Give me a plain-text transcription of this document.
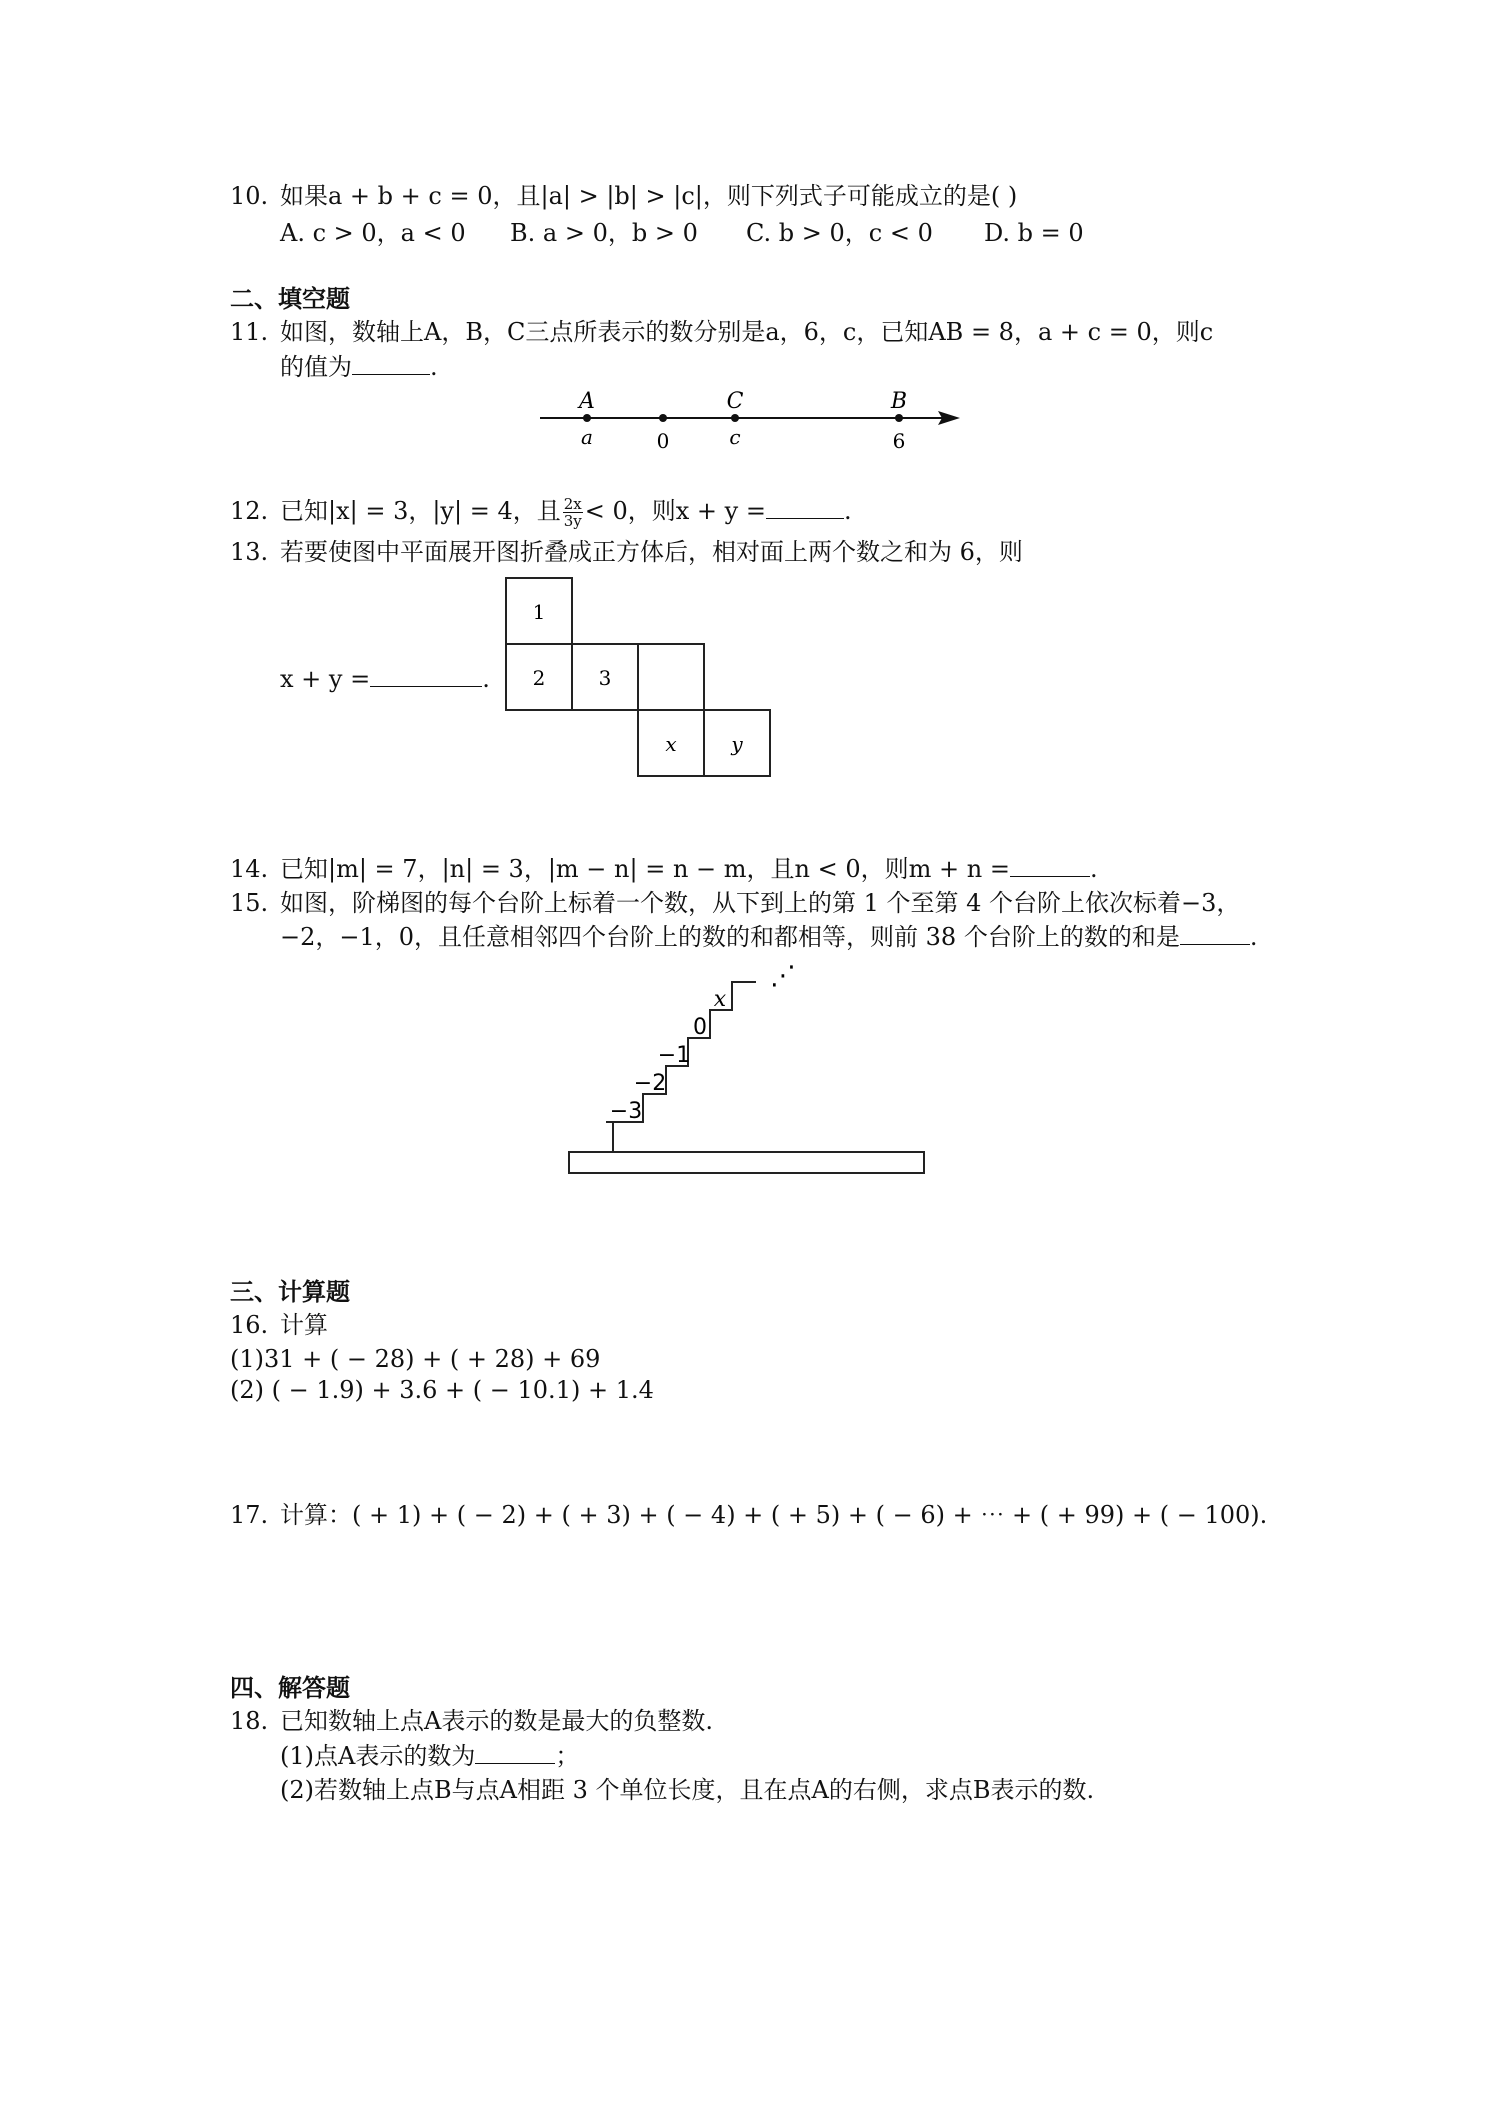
10. 如果a + b + c = 0，且|a| > |b| > |c|，则下列式子可能成立的是( )
A. c > 0，a < 0 B. a > 0，b > 0 C. b > 0，c < 0 D. b = 0
二、填空题
11. 如图，数轴上A，B，C三点所表示的数分别是a，6，c，已知AB = 8，a + c = 0，则c
的值为	.
A	C	B
a	0	c	6
12. 已知|x| = 3，|y| = 4，且 $\frac{2x}{3y} < 0$，则x + y =	.
13. 若要使图中平面展开图折叠成正方体后，相对面上两个数之和为 6，则
x + y =	.
1
2	3
x	y
14. 已知|m| = 7，|n| = 3，|m − n| = n − m，且n < 0，则m + n =	.
15. 如图，阶梯图的每个台阶上标着一个数，从下到上的第 1 个至第 4 个台阶上依次标着−3，
−2，−1，0，且任意相邻四个台阶上的数的和都相等，则前 38 个台阶上的数的和是	.
−3
−2
−1
0
x
⋰
三、计算题
16. 计算
(1)31 + ( − 28) + ( + 28) + 69
(2) ( − 1.9) + 3.6 + ( − 10.1) + 1.4
17. 计算：( + 1) + ( − 2) + ( + 3) + ( − 4) + ( + 5) + ( − 6) + ⋯ + ( + 99) + ( − 100).
四、解答题
18. 已知数轴上点A表示的数是最大的负整数.
(1)点A表示的数为	；
(2)若数轴上点B与点A相距 3 个单位长度，且在点A的右侧，求点B表示的数.
